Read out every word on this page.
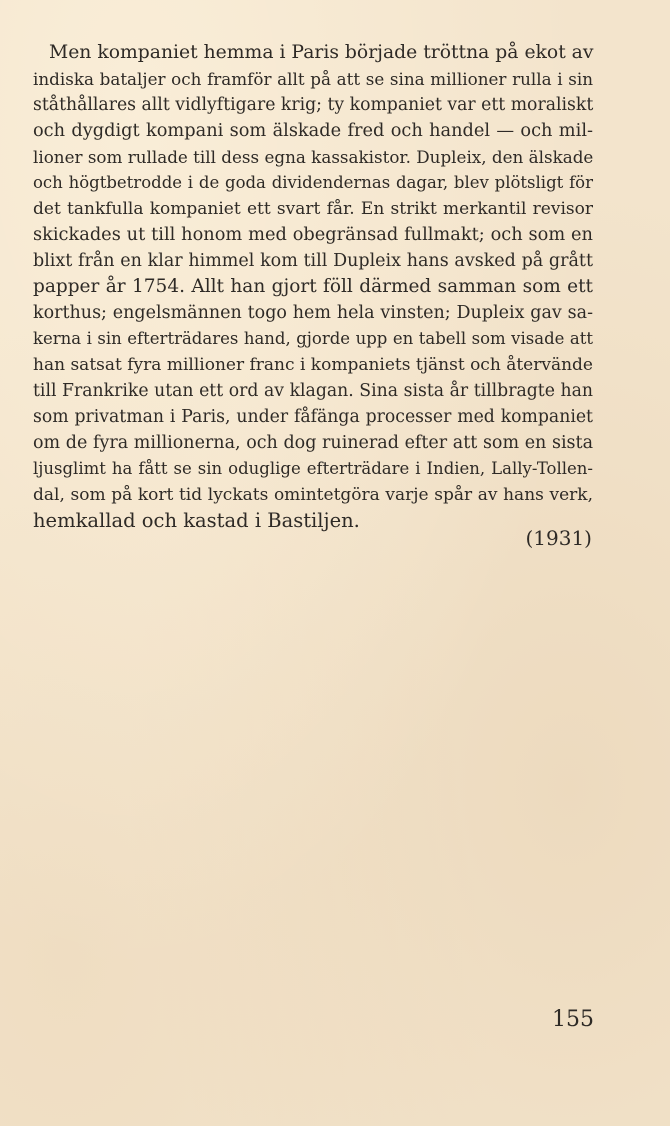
Men kompaniet hemma i Paris började tröttna på ekot av
indiska bataljer och framför allt på att se sina millioner rulla i sin
ståthållares allt vidlyftigare krig; ty kompaniet var ett moraliskt
och dygdigt kompani som älskade fred och handel — och mil-
lioner som rullade till dess egna kassakistor. Dupleix, den älskade
och högtbetrodde i de goda dividendernas dagar, blev plötsligt för
det tankfulla kompaniet ett svart får. En strikt merkantil revisor
skickades ut till honom med obegränsad fullmakt; och som en
blixt från en klar himmel kom till Dupleix hans avsked på grått
papper år 1754. Allt han gjort föll därmed samman som ett
korthus; engelsmännen togo hem hela vinsten; Dupleix gav sa-
kerna i sin efterträdares hand, gjorde upp en tabell som visade att
han satsat fyra millioner franc i kompaniets tjänst och återvände
till Frankrike utan ett ord av klagan. Sina sista år tillbragte han
som privatman i Paris, under fåfänga processer med kompaniet
om de fyra millionerna, och dog ruinerad efter att som en sista
ljusglimt ha fått se sin oduglige efterträdare i Indien, Lally-Tollen-
dal, som på kort tid lyckats omintetgöra varje spår av hans verk,
hemkallad och kastad i Bastiljen.
(1931)
155
